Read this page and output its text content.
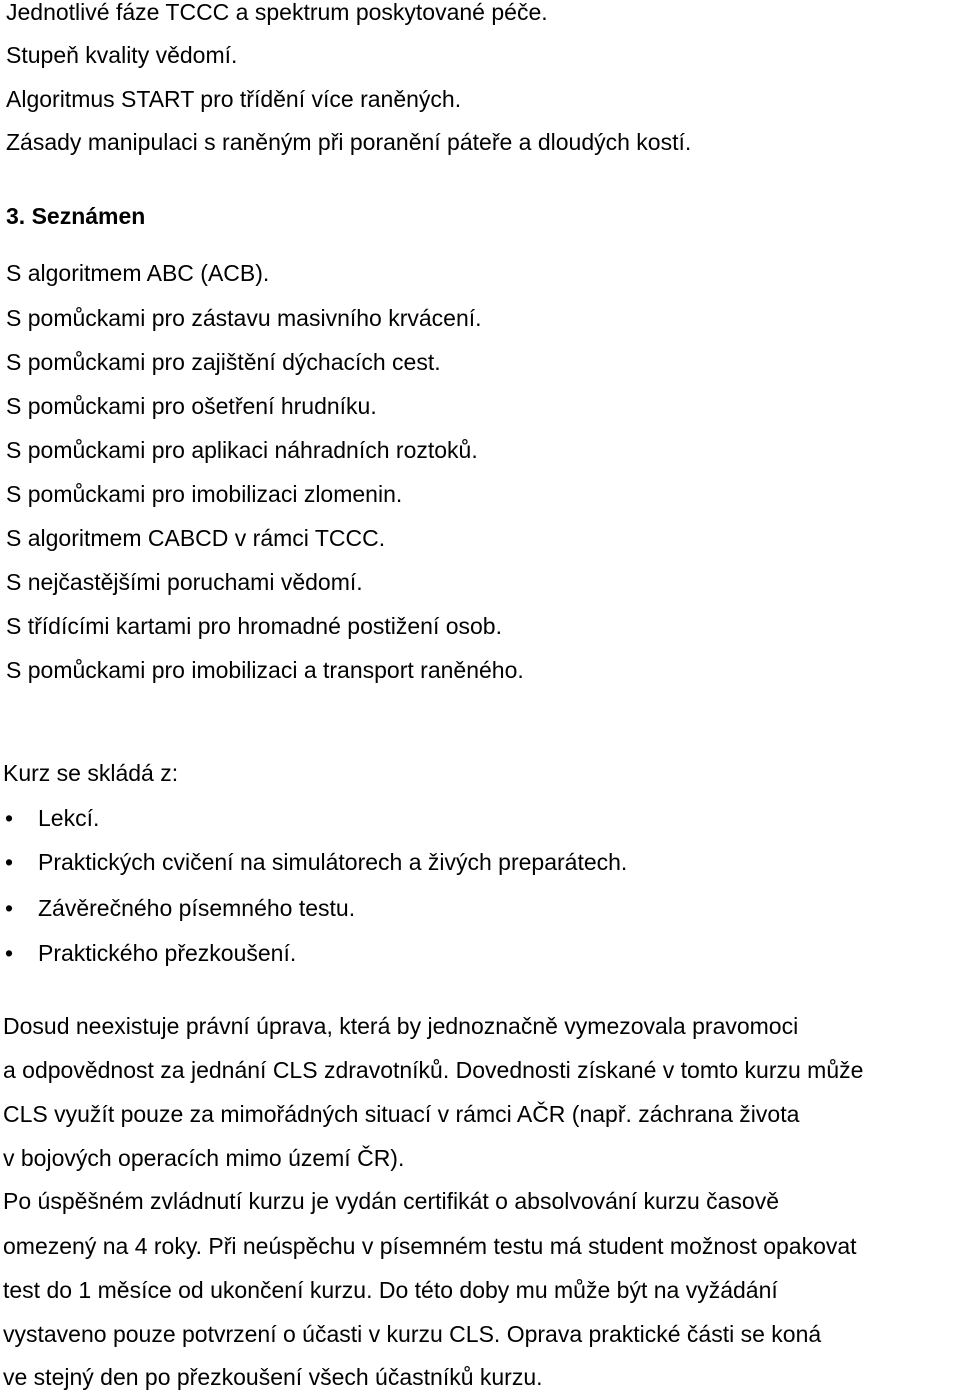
Jednotlivé fáze TCCC a spektrum poskytované péče.
Stupeň kvality vědomí.
Algoritmus START pro třídění více raněných.
Zásady manipulaci s raněným při poranění páteře a dloudých kostí.
3. Seznámen
S algoritmem ABC (ACB).
S pomůckami pro zástavu masivního krvácení.
S pomůckami pro zajištění dýchacích cest.
S pomůckami pro ošetření hrudníku.
S pomůckami pro aplikaci náhradních roztoků.
S pomůckami pro imobilizaci zlomenin.
S algoritmem CABCD v rámci TCCC.
S nejčastějšími poruchami vědomí.
S třídícími kartami pro hromadné postižení osob.
S pomůckami pro imobilizaci a transport raněného.
Kurz se skládá z:
• Lekcí.
• Praktických cvičení na simulátorech a živých preparátech.
• Závěrečného písemného testu.
• Praktického přezkoušení.
Dosud neexistuje právní úprava, která by jednoznačně vymezovala pravomoci
a odpovědnost za jednání CLS zdravotníků. Dovednosti získané v tomto kurzu může
CLS využít pouze za mimořádných situací v rámci AČR (např. záchrana života
v bojových operacích mimo území ČR).
Po úspěšném zvládnutí kurzu je vydán certifikát o absolvování kurzu časově
omezený na 4 roky. Při neúspěchu v písemném testu má student možnost opakovat
test do 1 měsíce od ukončení kurzu. Do této doby mu může být na vyžádání
vystaveno pouze potvrzení o účasti v kurzu CLS. Oprava praktické části se koná
ve stejný den po přezkoušení všech účastníků kurzu.
